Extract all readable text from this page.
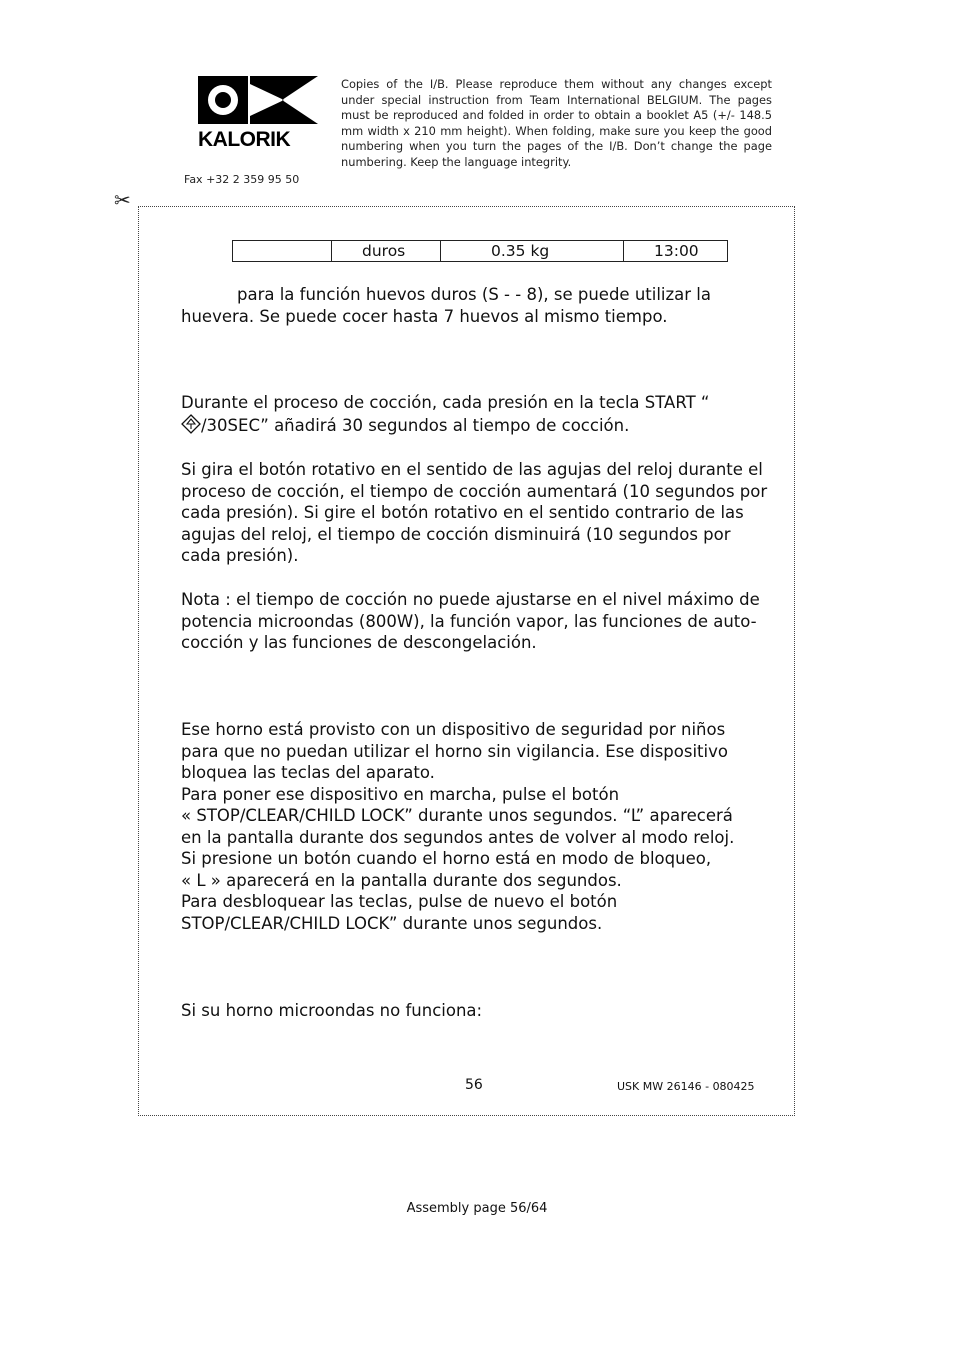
KALORIK
Fax +32 2 359 95 50
Copies of the I/B. Please reproduce them without any changes except under special instruction from Team International BELGIUM. The pages must be reproduced and folded in order to obtain a booklet A5 (+/- 148.5 mm width x 210 mm height). When folding, make sure you keep the good numbering when you turn the pages of the I/B. Don’t change the page numbering. Keep the language integrity.
✂
	duros	0.35 kg	13:00
para la función huevos duros (S - - 8), se puede utilizar la huevera. Se puede cocer hasta 7 huevos al mismo tiempo.
Durante el proceso de cocción, cada presión en la tecla START “
/30SEC” añadirá 30 segundos al tiempo de cocción.
Si gira el botón rotativo en el sentido de las agujas del reloj durante el proceso de cocción, el tiempo de cocción aumentará (10 segundos por cada presión). Si gire el botón rotativo en el sentido contrario de las agujas del reloj, el tiempo de cocción disminuirá (10 segundos por cada presión).
Nota : el tiempo de cocción no puede ajustarse en el nivel máximo de potencia microondas (800W), la función vapor, las funciones de auto-cocción y las funciones de descongelación.
Ese horno está provisto con un dispositivo de seguridad por niños
para que no puedan utilizar el horno sin vigilancia. Ese dispositivo
bloquea las teclas del aparato.
Para poner ese dispositivo en marcha, pulse el botón
« STOP/CLEAR/CHILD LOCK” durante unos segundos. “L” aparecerá
en la pantalla durante dos segundos antes de volver al modo reloj.
Si presione un botón cuando el horno está en modo de bloqueo,
« L » aparecerá en la pantalla durante dos segundos.
Para desbloquear las teclas, pulse de nuevo el botón
STOP/CLEAR/CHILD LOCK” durante unos segundos.
Si su horno microondas no funciona:
56	USK MW 26146 - 080425
Assembly page 56/64
